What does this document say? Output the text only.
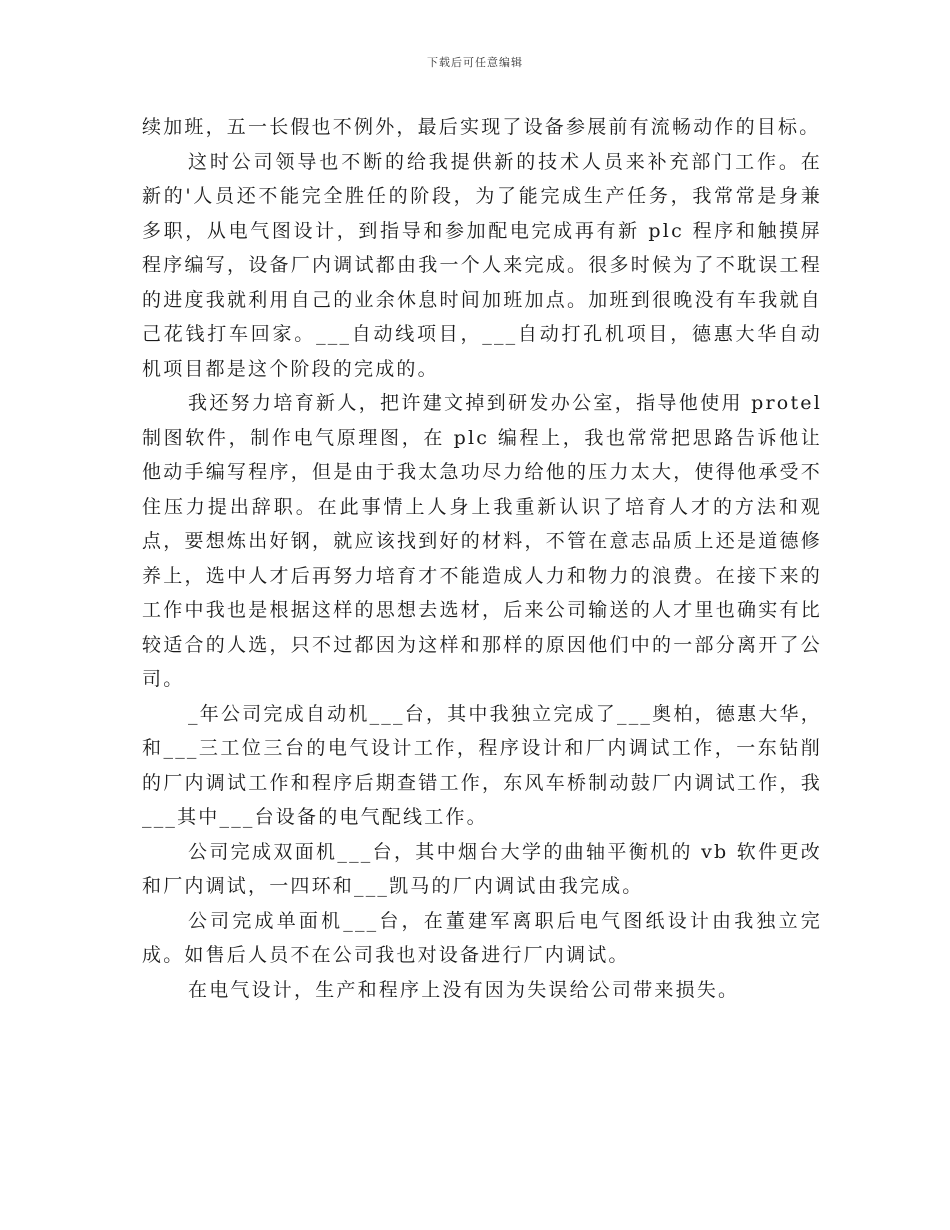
下载后可任意编辑

续加班，五一长假也不例外，最后实现了设备参展前有流畅动作的目标。

这时公司领导也不断的给我提供新的技术人员来补充部门工作。在新的'人员还不能完全胜任的阶段，为了能完成生产任务，我常常是身兼多职，从电气图设计，到指导和参加配电完成再有新 plc 程序和触摸屏程序编写，设备厂内调试都由我一个人来完成。很多时候为了不耽误工程的进度我就利用自己的业余休息时间加班加点。加班到很晚没有车我就自己花钱打车回家。___自动线项目，___自动打孔机项目，德惠大华自动机项目都是这个阶段的完成的。

我还努力培育新人，把许建文掉到研发办公室，指导他使用 protel 制图软件，制作电气原理图，在 plc 编程上，我也常常把思路告诉他让他动手编写程序，但是由于我太急功尽力给他的压力太大，使得他承受不住压力提出辞职。在此事情上人身上我重新认识了培育人才的方法和观点，要想炼出好钢，就应该找到好的材料，不管在意志品质上还是道德修养上，选中人才后再努力培育才不能造成人力和物力的浪费。在接下来的工作中我也是根据这样的思想去选材，后来公司输送的人才里也确实有比较适合的人选，只不过都因为这样和那样的原因他们中的一部分离开了公司。

_年公司完成自动机___台，其中我独立完成了___奥柏，德惠大华，和___三工位三台的电气设计工作，程序设计和厂内调试工作，一东钻削的厂内调试工作和程序后期查错工作，东风车桥制动鼓厂内调试工作，我___其中___台设备的电气配线工作。

公司完成双面机___台，其中烟台大学的曲轴平衡机的 vb 软件更改和厂内调试，一四环和___凯马的厂内调试由我完成。

公司完成单面机___台，在董建军离职后电气图纸设计由我独立完成。如售后人员不在公司我也对设备进行厂内调试。

在电气设计，生产和程序上没有因为失误给公司带来损失。
